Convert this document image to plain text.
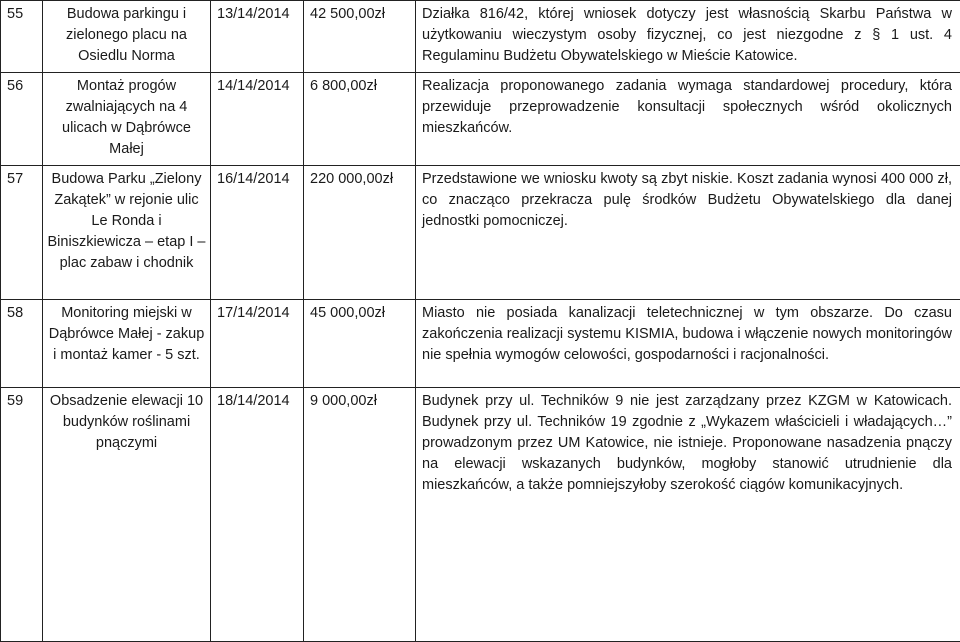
55	Budowa parkingu i zielonego placu na Osiedlu Norma	13/14/2014	42 500,00zł	Działka 816/42, której wniosek dotyczy jest własnością Skarbu Państwa w użytkowaniu wieczystym osoby fizycznej, co jest niezgodne z § 1 ust. 4 Regulaminu Budżetu Obywatelskiego w Mieście Katowice.
56	Montaż progów zwalniających na 4 ulicach w Dąbrówce Małej	14/14/2014	6 800,00zł	Realizacja proponowanego zadania wymaga standardowej procedury, która przewiduje przeprowadzenie konsultacji społecznych wśród okolicznych mieszkańców.
57	Budowa Parku „Zielony Zakątek” w rejonie ulic Le Ronda i Biniszkiewicza – etap I – plac zabaw i chodnik	16/14/2014	220 000,00zł	Przedstawione we wniosku kwoty są zbyt niskie. Koszt zadania wynosi 400 000 zł, co znacząco przekracza pulę środków Budżetu Obywatelskiego dla danej jednostki pomocniczej.
58	Monitoring miejski w Dąbrówce Małej - zakup i montaż kamer - 5 szt.	17/14/2014	45 000,00zł	Miasto nie posiada kanalizacji teletechnicznej w tym obszarze. Do czasu zakończenia realizacji systemu KISMIA, budowa i włączenie nowych monitoringów nie spełnia wymogów celowości, gospodarności i racjonalności.
59	Obsadzenie elewacji 10 budynków roślinami pnączymi	18/14/2014	9 000,00zł	Budynek przy ul. Techników 9 nie jest zarządzany przez KZGM w Katowicach. Budynek przy ul. Techników 19 zgodnie z „Wykazem właścicieli i władających…” prowadzonym przez UM Katowice, nie istnieje. Proponowane nasadzenia pnączy na elewacji wskazanych budynków, mogłoby stanowić utrudnienie dla mieszkańców, a także pomniejszyłoby szerokość ciągów komunikacyjnych.
